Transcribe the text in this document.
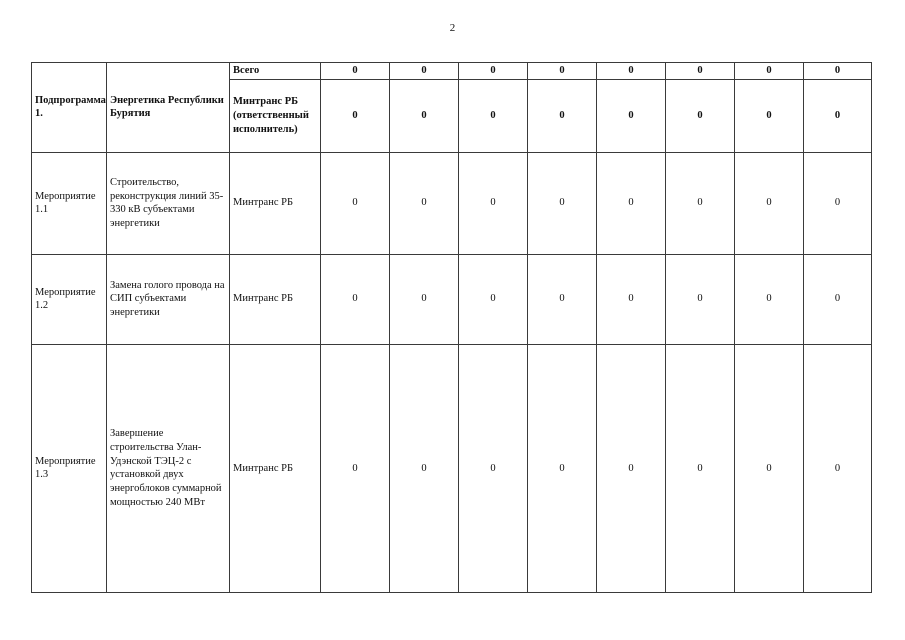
2
Подпрограмма 1.	Энергетика Республики Бурятия	Всего	0	0	0	0	0	0	0	0
		Минтранс РБ (ответственный исполнитель)	0	0	0	0	0	0	0	0
Мероприятие 1.1	Строительство, реконструкция линий 35-330 кВ субъектами энергетики	Минтранс РБ	0	0	0	0	0	0	0	0
Мероприятие 1.2	Замена голого провода на СИП субъектами энергетики	Минтранс РБ	0	0	0	0	0	0	0	0
Мероприятие 1.3	Завершение строительства Улан-Удэнской ТЭЦ-2 с установкой двух энергоблоков суммарной мощностью 240 МВт	Минтранс РБ	0	0	0	0	0	0	0	0
